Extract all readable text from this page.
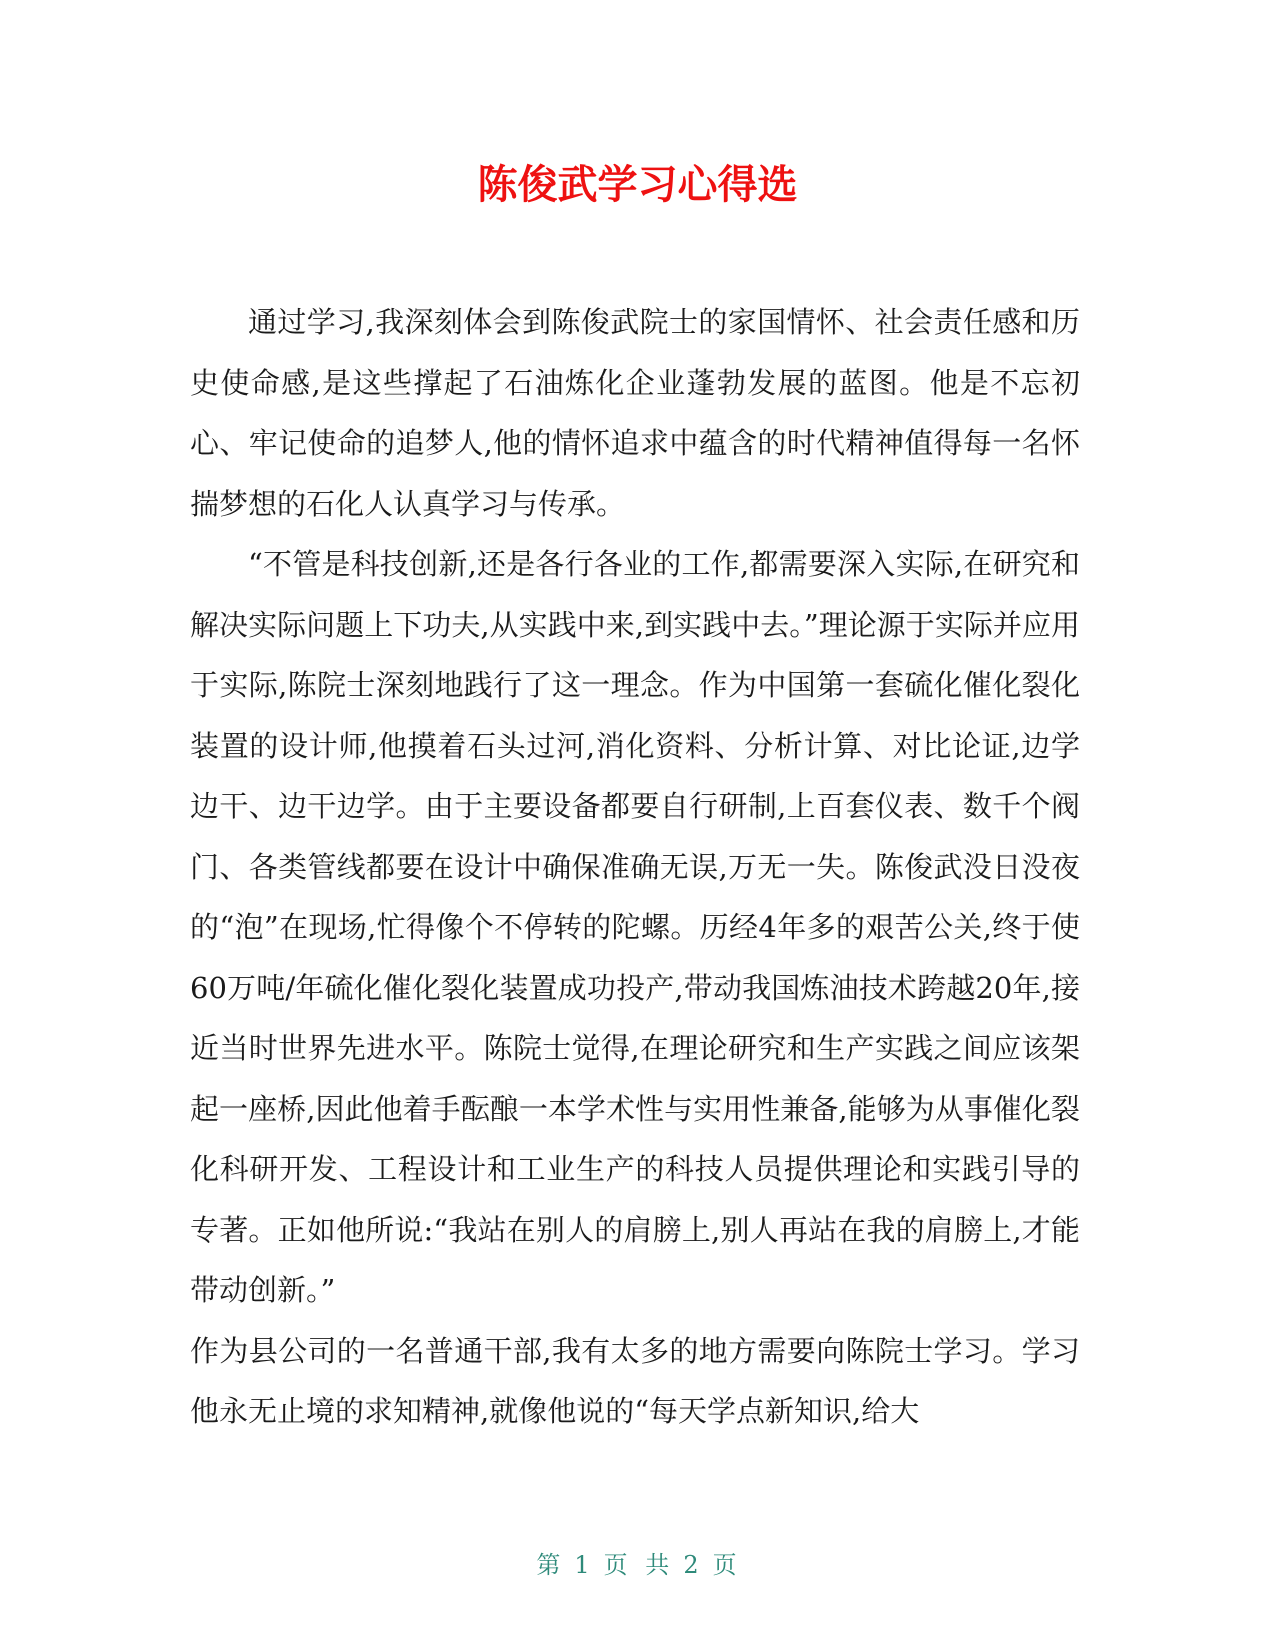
陈俊武学习心得选

通过学习,我深刻体会到陈俊武院士的家国情怀、社会责任感和历史使命感,是这些撑起了石油炼化企业蓬勃发展的蓝图。他是不忘初心、牢记使命的追梦人,他的情怀追求中蕴含的时代精神值得每一名怀揣梦想的石化人认真学习与传承。

“不管是科技创新,还是各行各业的工作,都需要深入实际,在研究和解决实际问题上下功夫,从实践中来,到实践中去。”理论源于实际并应用于实际,陈院士深刻地践行了这一理念。作为中国第一套硫化催化裂化装置的设计师,他摸着石头过河,消化资料、分析计算、对比论证,边学边干、边干边学。由于主要设备都要自行研制,上百套仪表、数千个阀门、各类管线都要在设计中确保准确无误,万无一失。陈俊武没日没夜的“泡”在现场,忙得像个不停转的陀螺。历经4年多的艰苦公关,终于使60万吨/年硫化催化裂化装置成功投产,带动我国炼油技术跨越20年,接近当时世界先进水平。陈院士觉得,在理论研究和生产实践之间应该架起一座桥,因此他着手酝酿一本学术性与实用性兼备,能够为从事催化裂化科研开发、工程设计和工业生产的科技人员提供理论和实践引导的专著。正如他所说:“我站在别人的肩膀上,别人再站在我的肩膀上,才能带动创新。”

作为县公司的一名普通干部,我有太多的地方需要向陈院士学习。学习他永无止境的求知精神,就像他说的“每天学点新知识,给大

第 1 页 共 2 页
